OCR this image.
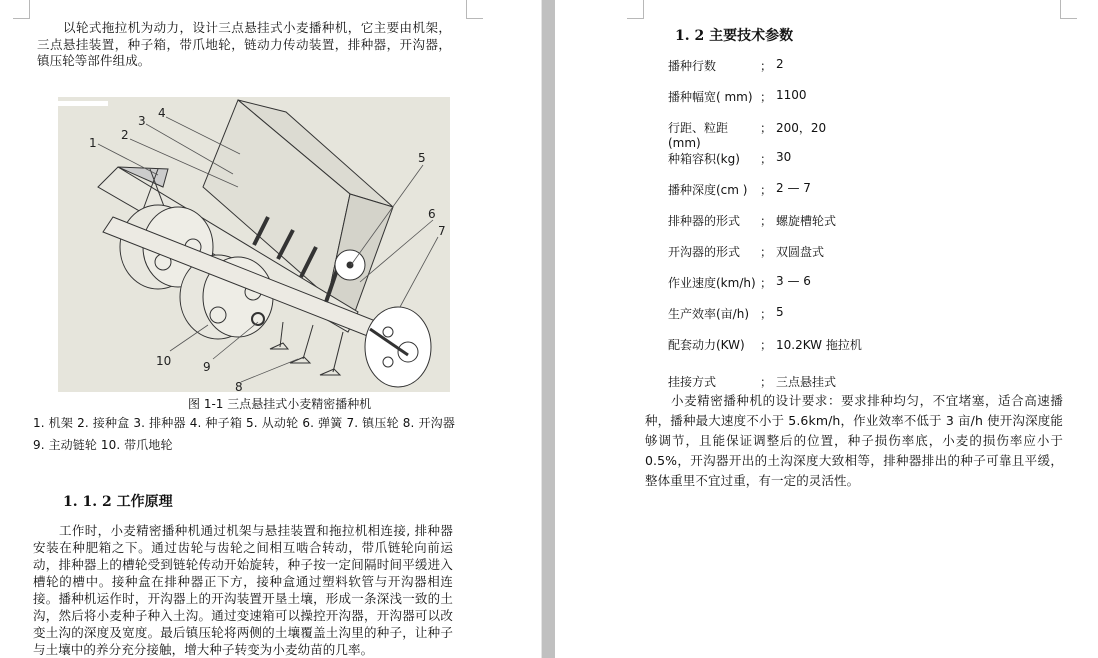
以轮式拖拉机为动力，设计三点悬挂式小麦播种机，它主要由机架，三点悬挂装置，种子箱，带爪地轮，链动力传动装置，排种器，开沟器，镇压轮等部件组成。

1
2
3
4
5
6
7
8
9
10
图 1-1 三点悬挂式小麦精密播种机

1. 机架 2. 接种盒 3. 排种器 4. 种子箱 5. 从动轮 6. 弹簧 7. 镇压轮 8. 开沟器 9. 主动链轮 10. 带爪地轮

1. 1. 2 工作原理

工作时，小麦精密播种机通过机架与悬挂装置和拖拉机相连接, 排种器安装在种肥箱之下。通过齿轮与齿轮之间相互啮合转动，带爪链轮向前运动，排种器上的槽轮受到链轮传动开始旋转，种子按一定间隔时间平缓进入槽轮的槽中。接种盒在排种器正下方，接种盒通过塑料软管与开沟器相连接。播种机运作时，开沟器上的开沟装置开垦土壤，形成一条深浅一致的土沟，然后将小麦种子种入土沟。通过变速箱可以操控开沟器，开沟器可以改变土沟的深度及宽度。最后镇压轮将两侧的土壤覆盖土沟里的种子，让种子与土壤中的养分充分接触，增大种子转变为小麦幼苗的几率。

1. 2 主要技术参数
播种行数	； 2
播种幅宽( mm) ； 1100
行距、粒距(mm)
； 200，20
种箱容积(kg)	； 30
播种深度(cm )	； 2 — 7
排种器的形式	； 螺旋槽轮式
开沟器的形式	； 双圆盘式
作业速度(km/h) ； 3 — 6
生产效率(亩/h) ； 5
配套动力(KW)	； 10.2KW 拖拉机
挂接方式	； 三点悬挂式

小麦精密播种机的设计要求：要求排种均匀，不宜堵塞，适合高速播种，播种最大速度不小于 5.6km/h，作业效率不低于 3 亩/h 使开沟深度能够调节，且能保证调整后的位置，种子损伤率底，小麦的损伤率应小于 0.5%，开沟器开出的土沟深度大致相等，排种器排出的种子可靠且平缓，整体重里不宜过重，有一定的灵活性。
